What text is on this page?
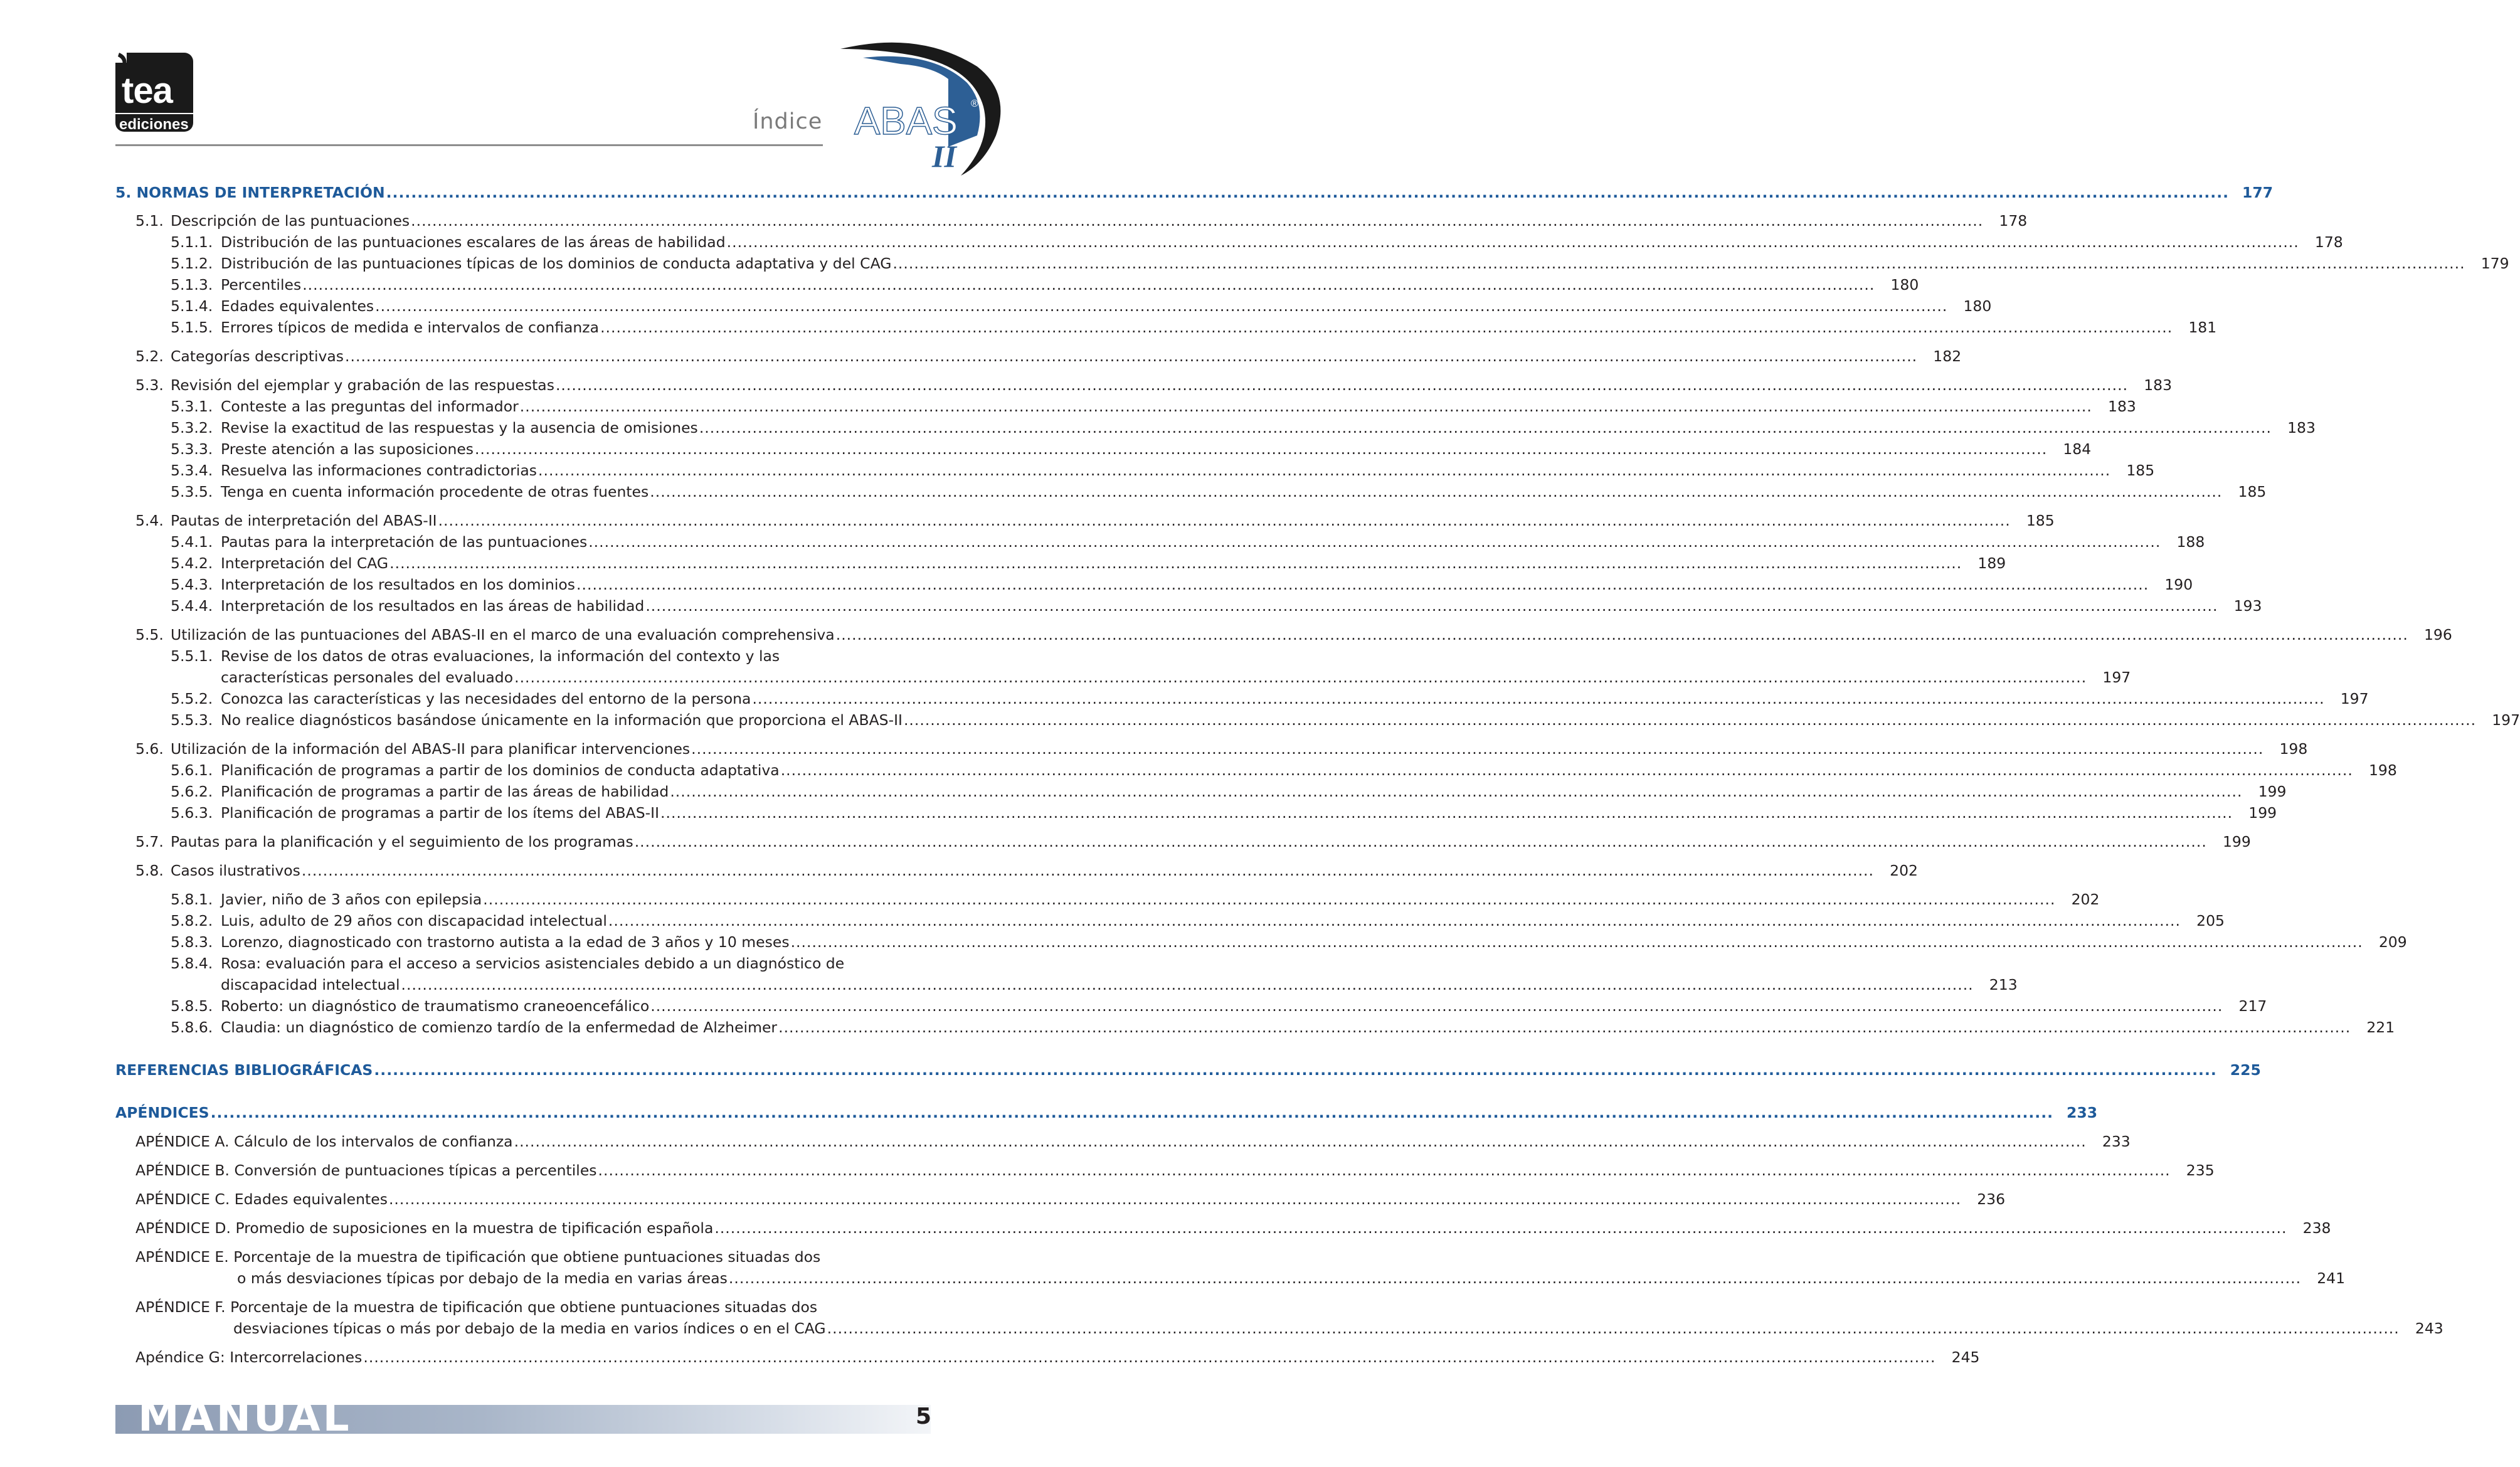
tea
ediciones	Índice ABAS ®
II
5. NORMAS DE INTERPRETACIÓN .....	177
5.1. Descripción de las puntuaciones .....	178
5.1.1. Distribución de las puntuaciones escalares de las áreas de habilidad .....	178
5.1.2. Distribución de las puntuaciones típicas de los dominios de conducta adaptativa y del CAG .....	179
5.1.3. Percentiles .....	180
5.1.4. Edades equivalentes .....	180
5.1.5. Errores típicos de medida e intervalos de confianza .....	181
5.2. Categorías descriptivas .....	182
5.3. Revisión del ejemplar y grabación de las respuestas .....	183
5.3.1. Conteste a las preguntas del informador .....	183
5.3.2. Revise la exactitud de las respuestas y la ausencia de omisiones .....	183
5.3.3. Preste atención a las suposiciones .....	184
5.3.4. Resuelva las informaciones contradictorias .....	185
5.3.5. Tenga en cuenta información procedente de otras fuentes .....	185
5.4. Pautas de interpretación del ABAS-II .....	185
5.4.1. Pautas para la interpretación de las puntuaciones .....	188
5.4.2. Interpretación del CAG .....	189
5.4.3. Interpretación de los resultados en los dominios .....	190
5.4.4. Interpretación de los resultados en las áreas de habilidad .....	193
5.5. Utilización de las puntuaciones del ABAS-II en el marco de una evaluación comprehensiva .....	196
5.5.1. Revise de los datos de otras evaluaciones, la información del contexto y las
características personales del evaluado .....	197
5.5.2. Conozca las características y las necesidades del entorno de la persona .....	197
5.5.3. No realice diagnósticos basándose únicamente en la información que proporciona el ABAS-II .....	197
5.6. Utilización de la información del ABAS-II para planificar intervenciones .....	198
5.6.1. Planificación de programas a partir de los dominios de conducta adaptativa .....	198
5.6.2. Planificación de programas a partir de las áreas de habilidad .....	199
5.6.3. Planificación de programas a partir de los ítems del ABAS-II .....	199
5.7. Pautas para la planificación y el seguimiento de los programas .....	199
5.8. Casos ilustrativos .....	202
5.8.1. Javier, niño de 3 años con epilepsia .....	202
5.8.2. Luis, adulto de 29 años con discapacidad intelectual .....	205
5.8.3. Lorenzo, diagnosticado con trastorno autista a la edad de 3 años y 10 meses .....	209
5.8.4. Rosa: evaluación para el acceso a servicios asistenciales debido a un diagnóstico de
discapacidad intelectual .....	213
5.8.5. Roberto: un diagnóstico de traumatismo craneoencefálico .....	217
5.8.6. Claudia: un diagnóstico de comienzo tardío de la enfermedad de Alzheimer .....	221
REFERENCIAS BIBLIOGRÁFICAS .....	225
APÉNDICES .....	233
APÉNDICE A. Cálculo de los intervalos de confianza .....	233
APÉNDICE B. Conversión de puntuaciones típicas a percentiles .....	235
APÉNDICE C. Edades equivalentes .....	236
APÉNDICE D. Promedio de suposiciones en la muestra de tipificación española .....	238
APÉNDICE E. Porcentaje de la muestra de tipificación que obtiene puntuaciones situadas dos
o más desviaciones típicas por debajo de la media en varias áreas .....	241
APÉNDICE F. Porcentaje de la muestra de tipificación que obtiene puntuaciones situadas dos
desviaciones típicas o más por debajo de la media en varios índices o en el CAG .....	243
Apéndice G: Intercorrelaciones .....	245
MANUAL	5
